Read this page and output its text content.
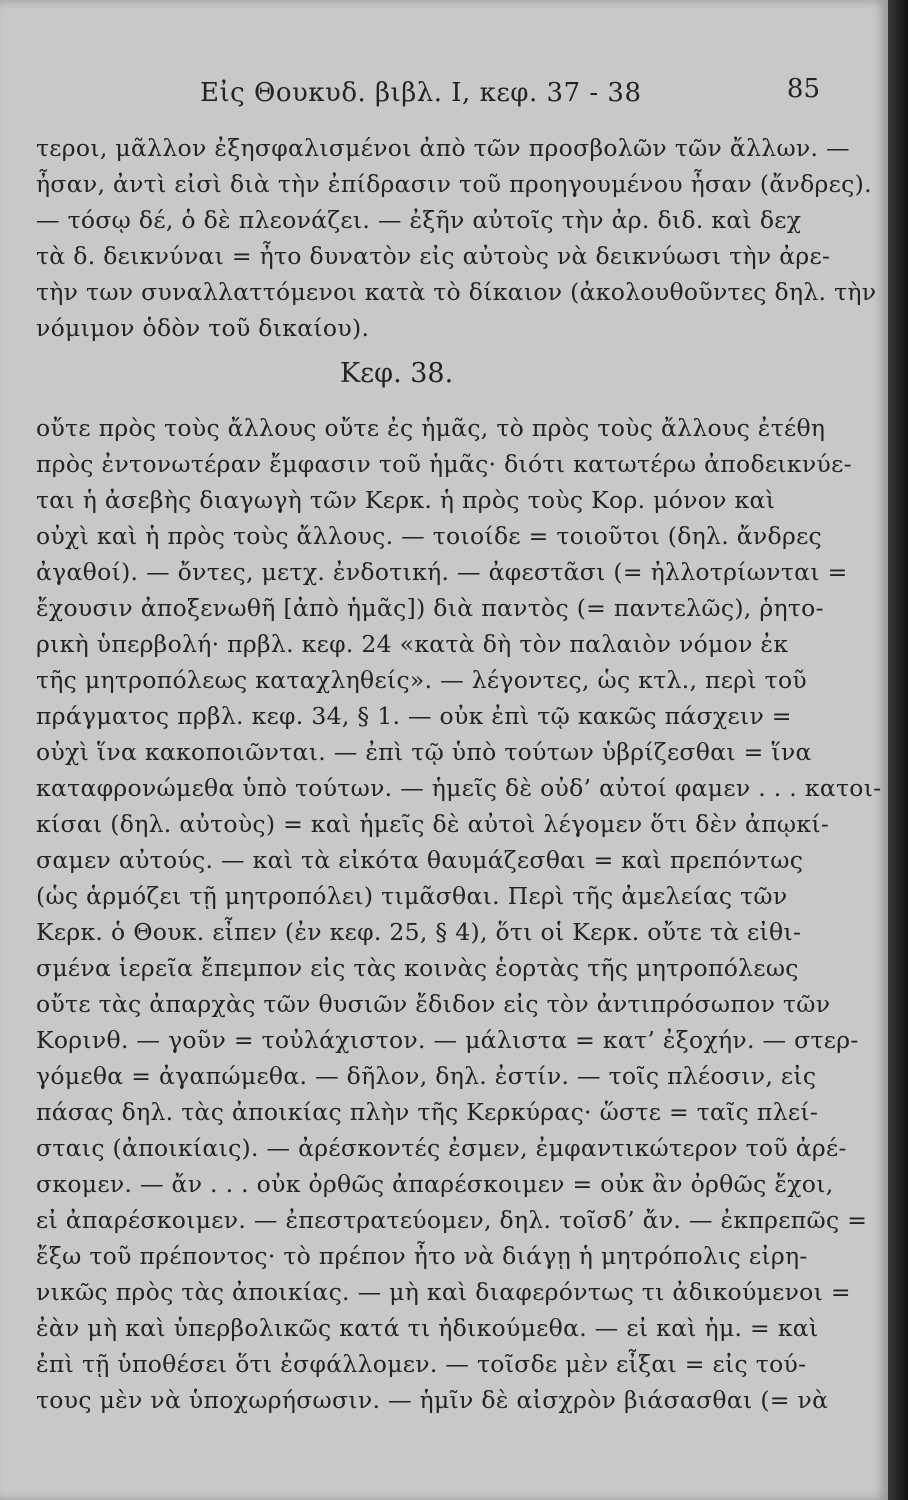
Εἰς Θουκυδ. βιβλ. I, κεφ. 37 - 38	85
τεροι, μᾶλλον ἐξησφαλισμένοι ἀπὸ τῶν προσβολῶν τῶν ἄλλων. —
ἦσαν, ἀντὶ εἰσὶ διὰ τὴν ἐπίδρασιν τοῦ προηγουμένου ἦσαν (ἄνδρες).
— τόσῳ δέ, ὁ δὲ πλεονάζει. — ἐξῆν αὐτοῖς τὴν ἀρ. διδ. καὶ δεχ
τὰ δ. δεικνύναι = ἦτο δυνατὸν εἰς αὐτοὺς νὰ δεικνύωσι τὴν ἀρε-
τὴν των συναλλαττόμενοι κατὰ τὸ δίκαιον (ἀκολουθοῦντες δηλ. τὴν
νόμιμον ὁδὸν τοῦ δικαίου).
Κεφ. 38.
οὔτε πρὸς τοὺς ἄλλους οὔτε ἐς ἡμᾶς, τὸ πρὸς τοὺς ἄλλους ἐτέθη
πρὸς ἐντονωτέραν ἔμφασιν τοῦ ἡμᾶς· διότι κατωτέρω ἀποδεικνύε-
ται ἡ ἀσεβὴς διαγωγὴ τῶν Κερκ. ἡ πρὸς τοὺς Κορ. μόνον καὶ
οὐχὶ καὶ ἡ πρὸς τοὺς ἄλλους. — τοιοίδε = τοιοῦτοι (δηλ. ἄνδρες
ἀγαθοί). — ὄντες, μετχ. ἐνδοτική. — ἀφεστᾶσι (= ἠλλοτρίωνται =
ἔχουσιν ἀποξενωθῆ [ἀπὸ ἡμᾶς]) διὰ παντὸς (= παντελῶς), ῥητο-
ρικὴ ὑπερβολή· πρβλ. κεφ. 24 «κατὰ δὴ τὸν παλαιὸν νόμον ἐκ
τῆς μητροπόλεως καταχληθείς». — λέγοντες, ὡς κτλ., περὶ τοῦ
πράγματος πρβλ. κεφ. 34, § 1. — οὐκ ἐπὶ τῷ κακῶς πάσχειν =
οὐχὶ ἵνα κακοποιῶνται. — ἐπὶ τῷ ὑπὸ τούτων ὑβρίζεσθαι = ἵνα
καταφρονώμεθα ὑπὸ τούτων. — ἡμεῖς δὲ οὐδ’ αὐτοί φαμεν . . . κατοι-
κίσαι (δηλ. αὐτοὺς) = καὶ ἡμεῖς δὲ αὐτοὶ λέγομεν ὅτι δὲν ἀπῳκί-
σαμεν αὐτούς. — καὶ τὰ εἰκότα θαυμάζεσθαι = καὶ πρεπόντως
(ὡς ἁρμόζει τῇ μητροπόλει) τιμᾶσθαι. Περὶ τῆς ἀμελείας τῶν
Κερκ. ὁ Θουκ. εἶπεν (ἐν κεφ. 25, § 4), ὅτι οἱ Κερκ. οὔτε τὰ εἰθι-
σμένα ἱερεῖα ἔπεμπον εἰς τὰς κοινὰς ἑορτὰς τῆς μητροπόλεως
οὔτε τὰς ἀπαρχὰς τῶν θυσιῶν ἔδιδον εἰς τὸν ἀντιπρόσωπον τῶν
Κορινθ. — γοῦν = τοὐλάχιστον. — μάλιστα = κατ’ ἐξοχήν. — στερ-
γόμεθα = ἀγαπώμεθα. — δῆλον, δηλ. ἐστίν. — τοῖς πλέοσιν, εἰς
πάσας δηλ. τὰς ἀποικίας πλὴν τῆς Κερκύρας· ὥστε = ταῖς πλεί-
σταις (ἀποικίαις). — ἀρέσκοντές ἐσμεν, ἐμφαντικώτερον τοῦ ἀρέ-
σκομεν. — ἄν . . . οὐκ ὀρθῶς ἀπαρέσκοιμεν = οὐκ ἂν ὀρθῶς ἔχοι,
εἰ ἀπαρέσκοιμεν. — ἐπεστρατεύομεν, δηλ. τοῖσδ’ ἄν. — ἐκπρεπῶς =
ἔξω τοῦ πρέποντος· τὸ πρέπον ἦτο νὰ διάγῃ ἡ μητρόπολις εἰρη-
νικῶς πρὸς τὰς ἀποικίας. — μὴ καὶ διαφερόντως τι ἀδικούμενοι =
ἐὰν μὴ καὶ ὑπερβολικῶς κατά τι ἠδικούμεθα. — εἰ καὶ ἡμ. = καὶ
ἐπὶ τῇ ὑποθέσει ὅτι ἐσφάλλομεν. — τοῖσδε μὲν εἶξαι = εἰς τού-
τους μὲν νὰ ὑποχωρήσωσιν. — ἡμῖν δὲ αἰσχρὸν βιάσασθαι (= νὰ
